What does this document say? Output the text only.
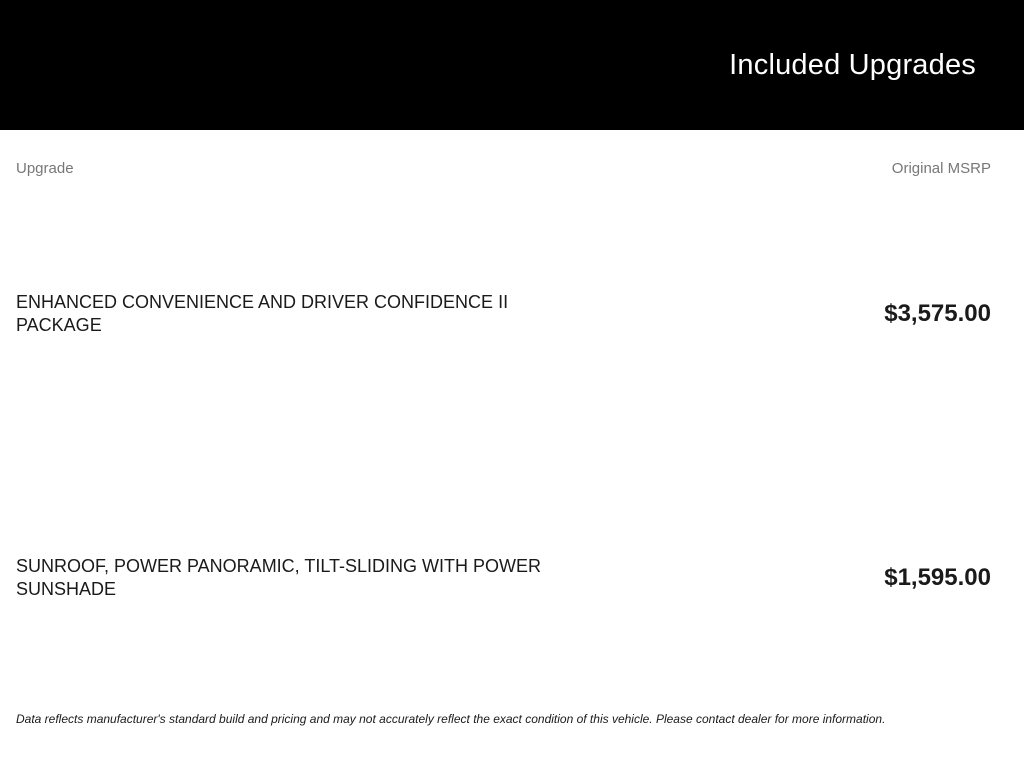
Included Upgrades
Upgrade	Original MSRP
ENHANCED CONVENIENCE AND DRIVER CONFIDENCE II PACKAGE	$3,575.00
SUNROOF, POWER PANORAMIC, TILT-SLIDING WITH POWER SUNSHADE	$1,595.00
Data reflects manufacturer's standard build and pricing and may not accurately reflect the exact condition of this vehicle. Please contact dealer for more information.
